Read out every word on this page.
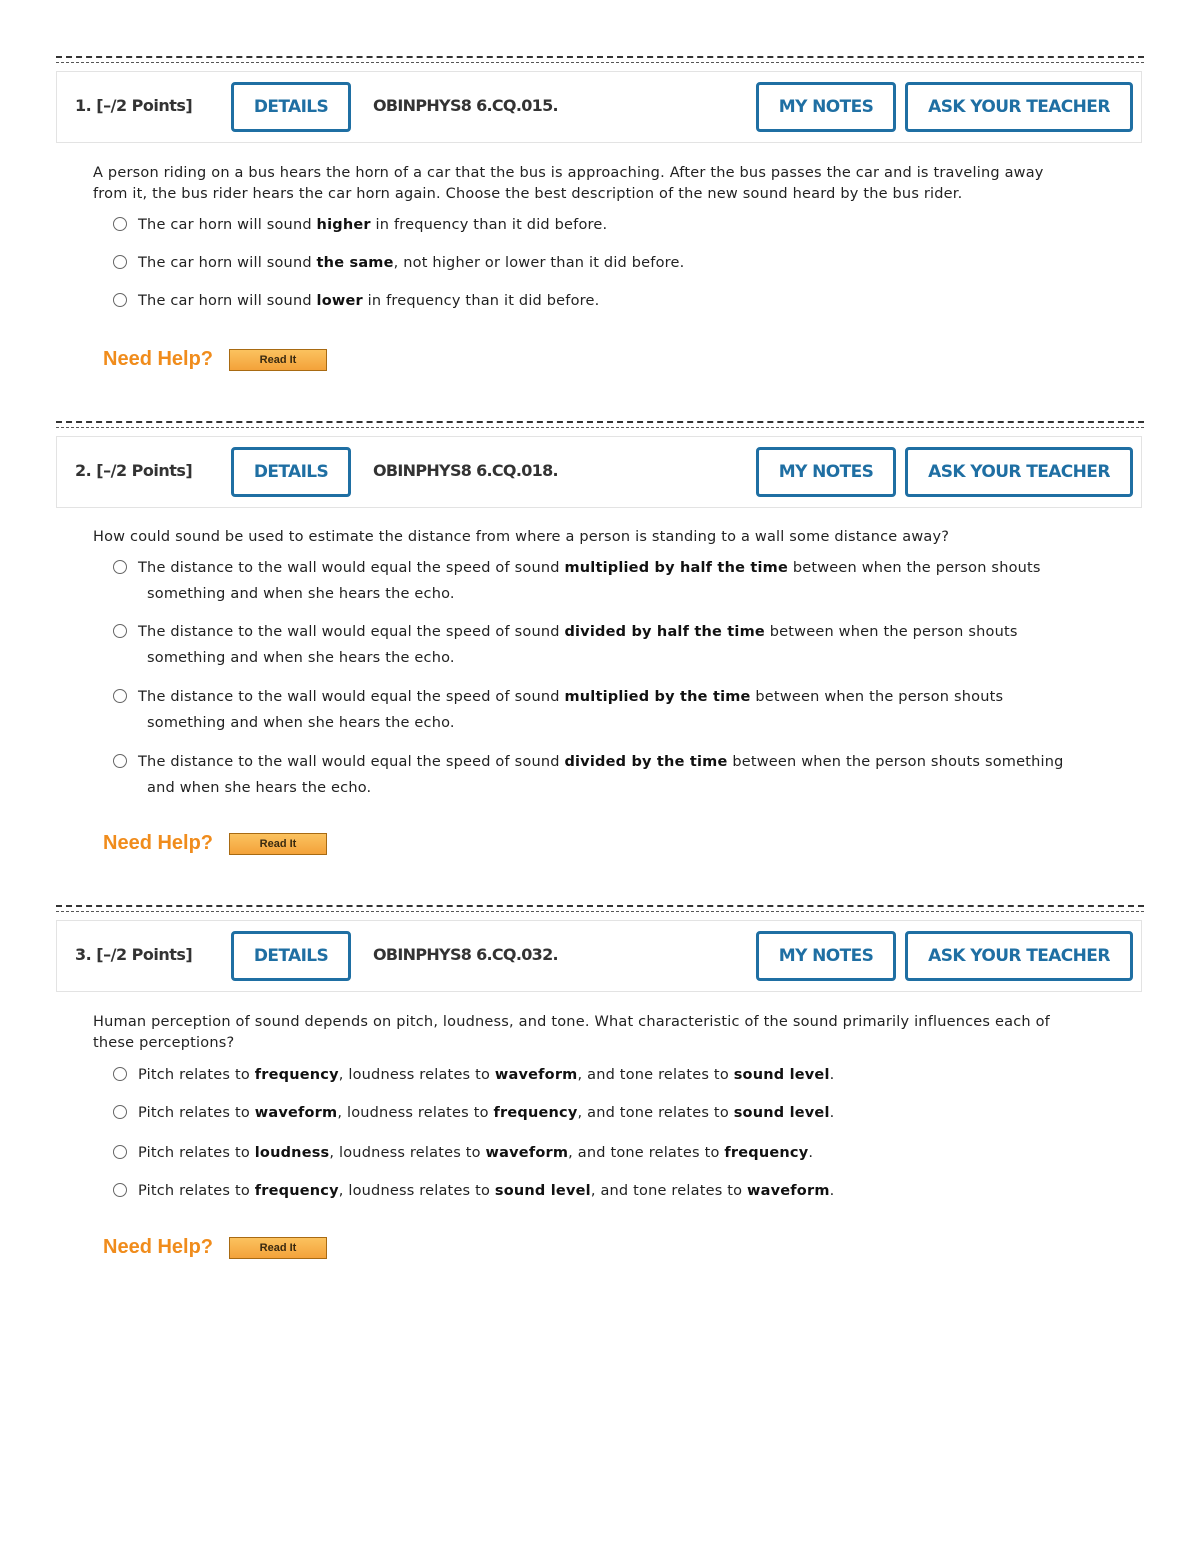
1. [–/2 Points]	DETAILS	OBINPHYS8 6.CQ.015.	MY NOTES	ASK YOUR TEACHER
A person riding on a bus hears the horn of a car that the bus is approaching. After the bus passes the car and is traveling away
from it, the bus rider hears the car horn again. Choose the best description of the new sound heard by the bus rider.
The car horn will sound higher in frequency than it did before.
The car horn will sound the same, not higher or lower than it did before.
The car horn will sound lower in frequency than it did before.
Need Help?	Read It
2. [–/2 Points]	DETAILS	OBINPHYS8 6.CQ.018.	MY NOTES	ASK YOUR TEACHER
How could sound be used to estimate the distance from where a person is standing to a wall some distance away?
The distance to the wall would equal the speed of sound multiplied by half the time between when the person shouts
something and when she hears the echo.
The distance to the wall would equal the speed of sound divided by half the time between when the person shouts
something and when she hears the echo.
The distance to the wall would equal the speed of sound multiplied by the time between when the person shouts
something and when she hears the echo.
The distance to the wall would equal the speed of sound divided by the time between when the person shouts something
and when she hears the echo.
Need Help?	Read It
3. [–/2 Points]	DETAILS	OBINPHYS8 6.CQ.032.	MY NOTES	ASK YOUR TEACHER
Human perception of sound depends on pitch, loudness, and tone. What characteristic of the sound primarily influences each of
these perceptions?
Pitch relates to frequency, loudness relates to waveform, and tone relates to sound level.
Pitch relates to waveform, loudness relates to frequency, and tone relates to sound level.
Pitch relates to loudness, loudness relates to waveform, and tone relates to frequency.
Pitch relates to frequency, loudness relates to sound level, and tone relates to waveform.
Need Help?	Read It
